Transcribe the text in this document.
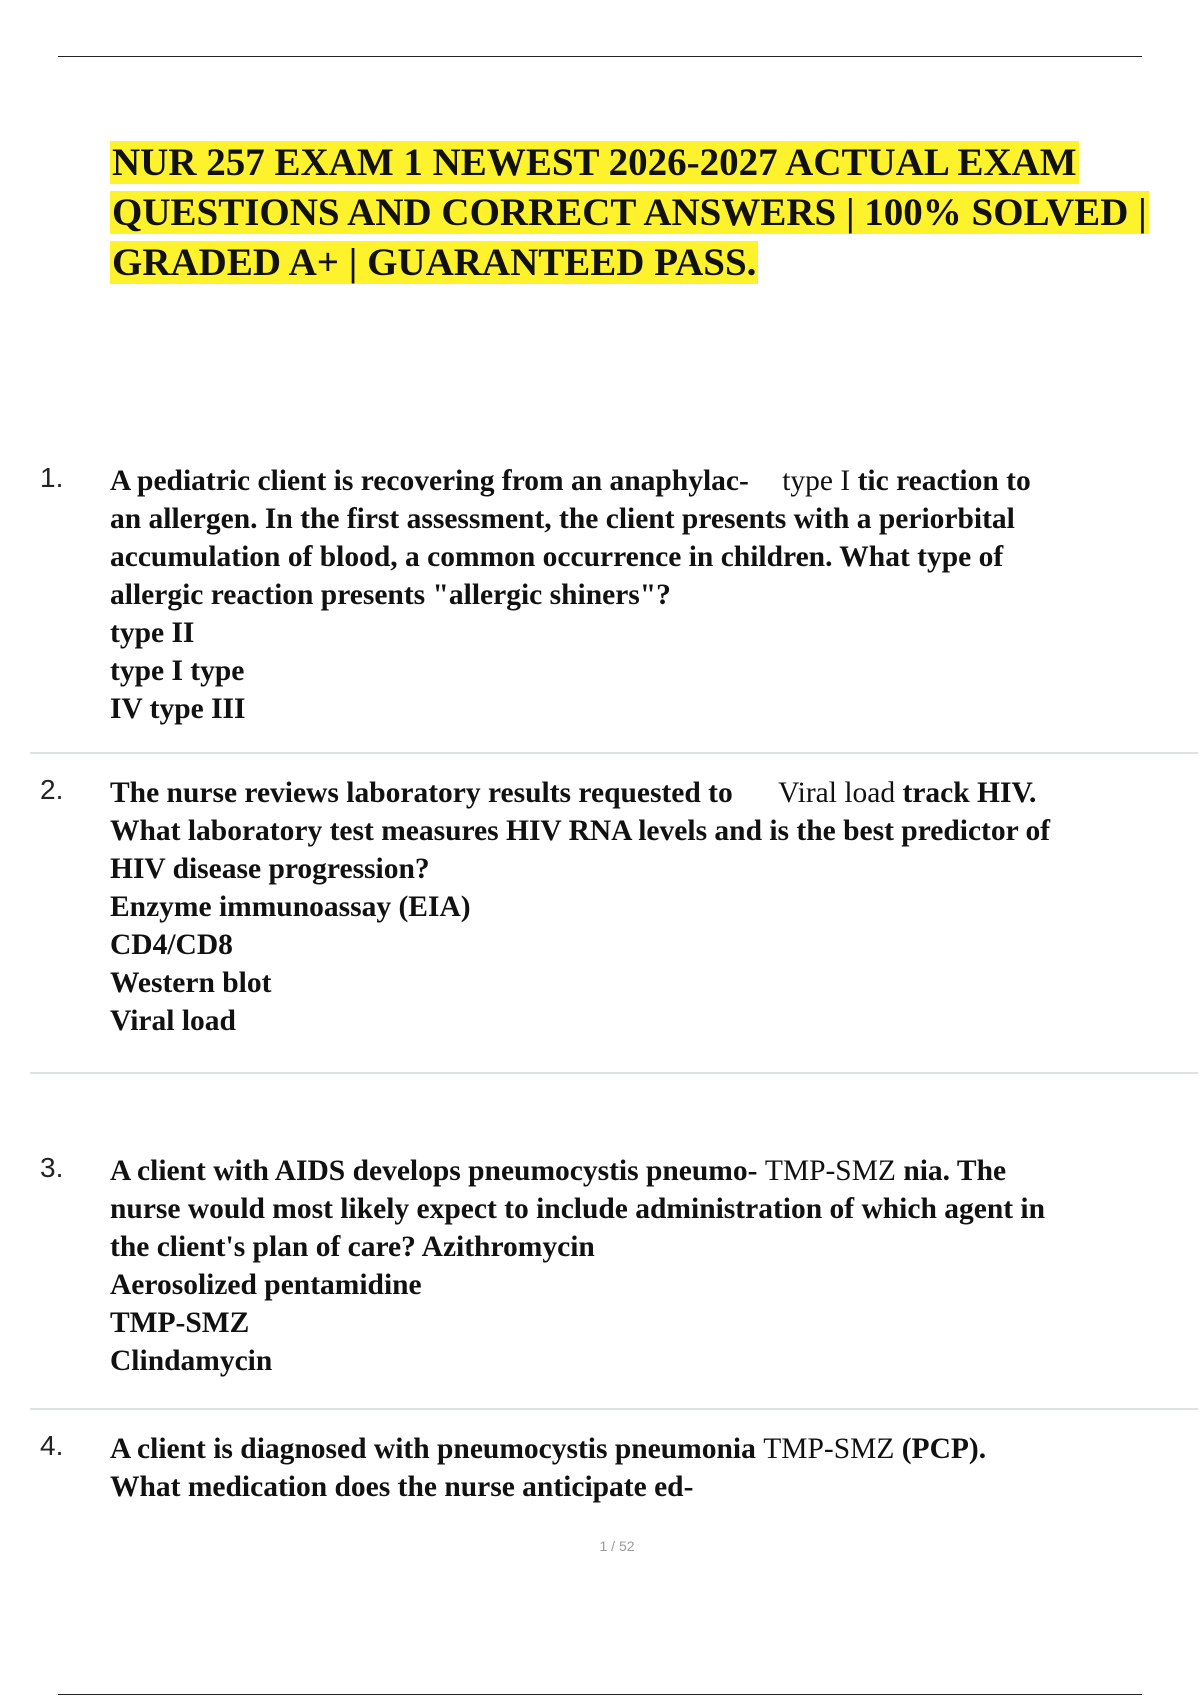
NUR 257 EXAM 1 NEWEST 2026-2027 ACTUAL EXAM
QUESTIONS AND CORRECT ANSWERS | 100% SOLVED |
GRADED A+ | GUARANTEED PASS.
1. A pediatric client is recovering from an anaphylac- type I tic reaction to
an allergen. In the first assessment, the client presents with a periorbital
accumulation of blood, a common occurrence in children. What type of
allergic reaction presents "allergic shiners"?
type II
type I type
IV type III
2. The nurse reviews laboratory results requested to Viral load track HIV.
What laboratory test measures HIV RNA levels and is the best predictor of
HIV disease progression?
Enzyme immunoassay (EIA)
CD4/CD8
Western blot
Viral load
3. A client with AIDS develops pneumocystis pneumo- TMP-SMZ nia. The
nurse would most likely expect to include administration of which agent in
the client's plan of care? Azithromycin
Aerosolized pentamidine
TMP-SMZ
Clindamycin
4. A client is diagnosed with pneumocystis pneumonia TMP-SMZ (PCP).
What medication does the nurse anticipate ed-
1 / 52
